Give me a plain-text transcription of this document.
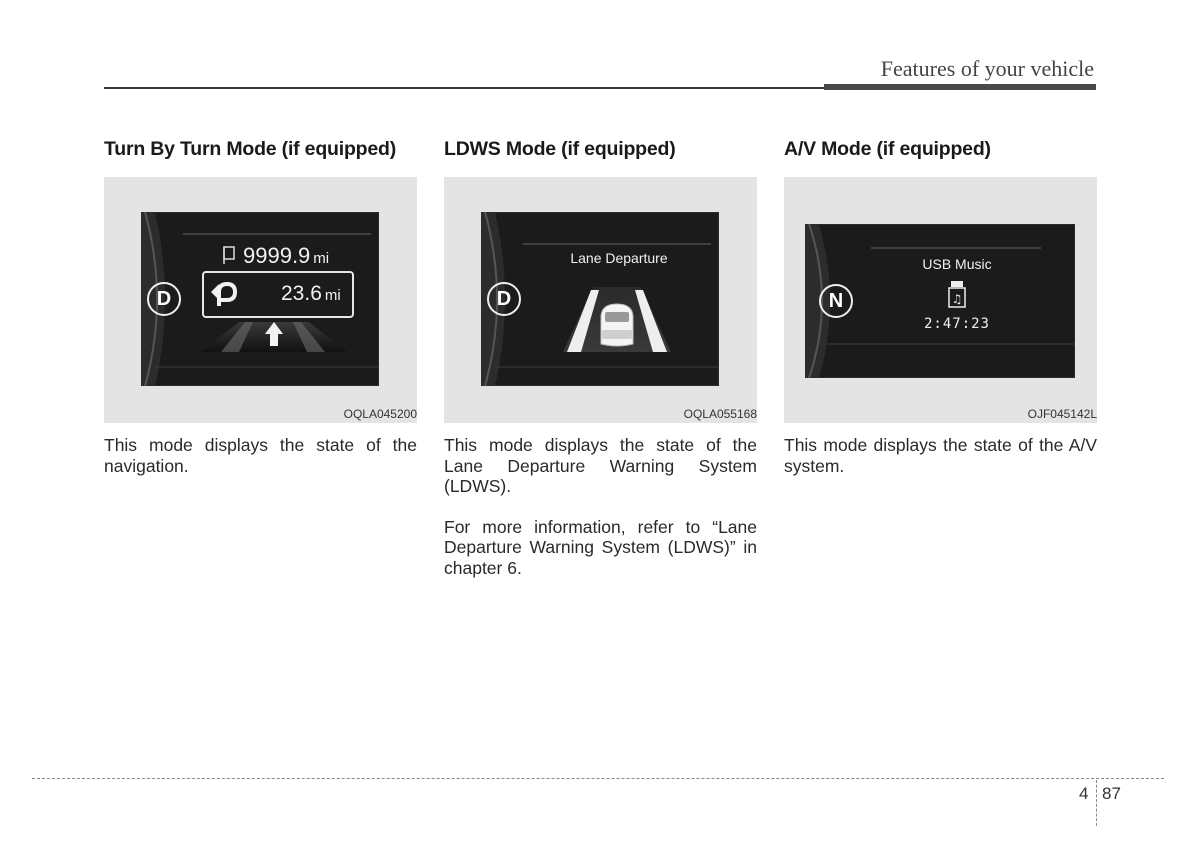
Features of your vehicle
Turn By Turn Mode (if equipped)
D
9999.9 mi
23.6 mi
OQLA045200

This mode displays the state of the navigation.

LDWS Mode (if equipped)
D
Lane Departure
OQLA055168

This mode displays the state of the Lane Departure Warning System (LDWS).

For more information, refer to “Lane Departure Warning System (LDWS)” in chapter 6.

A/V Mode (if equipped)
♫
N
USB Music
2:47:23
OJF045142L

This mode displays the state of the A/V system.

4 87
